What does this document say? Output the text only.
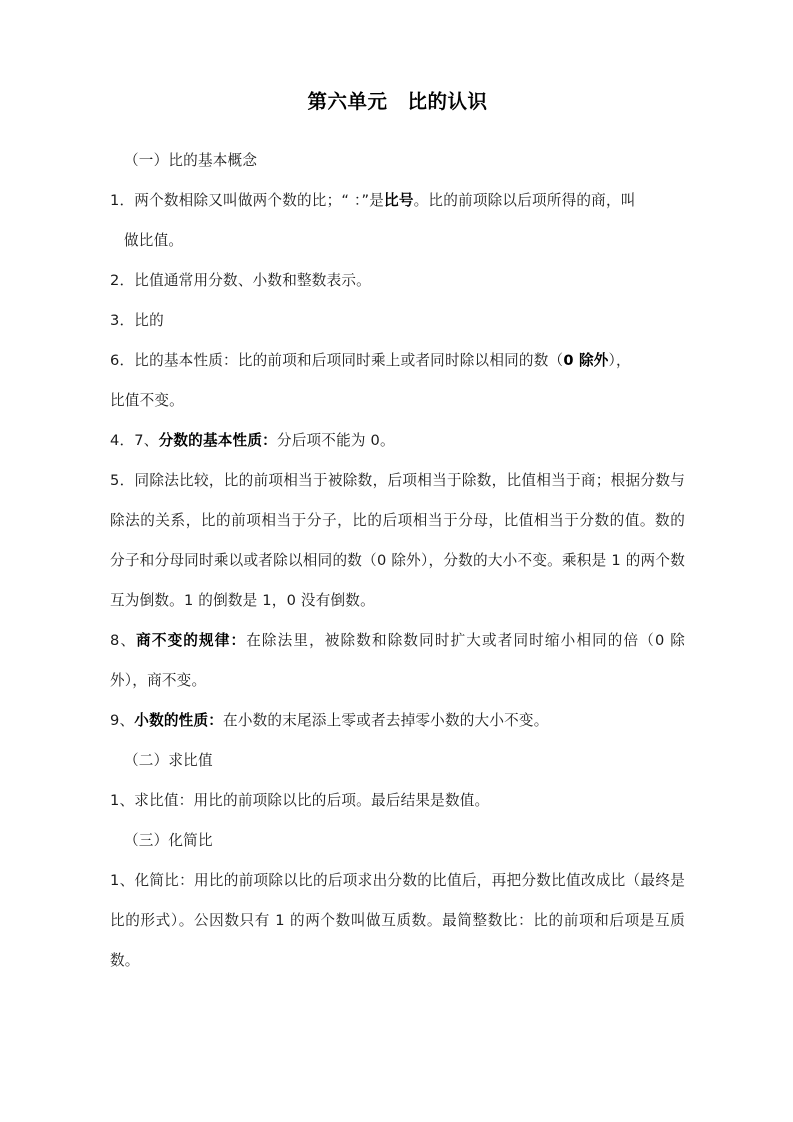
第六单元　比的认识

（一）比的基本概念

1．两个数相除又叫做两个数的比；“ ：”是比号。比的前项除以后项所得的商，叫

做比值。

2．比值通常用分数、小数和整数表示。

3．比的

6．比的基本性质：比的前项和后项同时乘上或者同时除以相同的数（0 除外），

比值不变。

4．7、分数的基本性质：分后项不能为 0。

5．同除法比较，比的前项相当于被除数，后项相当于除数，比值相当于商；根据分数与除法的关系，比的前项相当于分子，比的后项相当于分母，比值相当于分数的值。数的分子和分母同时乘以或者除以相同的数（0 除外），分数的大小不变。乘积是 1 的两个数互为倒数。1 的倒数是 1，0 没有倒数。

8、商不变的规律：在除法里，被除数和除数同时扩大或者同时缩小相同的倍（0 除外），商不变。

9、小数的性质：在小数的末尾添上零或者去掉零小数的大小不变。

（二）求比值

1、求比值：用比的前项除以比的后项。最后结果是数值。

（三）化简比

1、化简比：用比的前项除以比的后项求出分数的比值后，再把分数比值改成比（最终是比的形式）。公因数只有 1 的两个数叫做互质数。最简整数比：比的前项和后项是互质数。
